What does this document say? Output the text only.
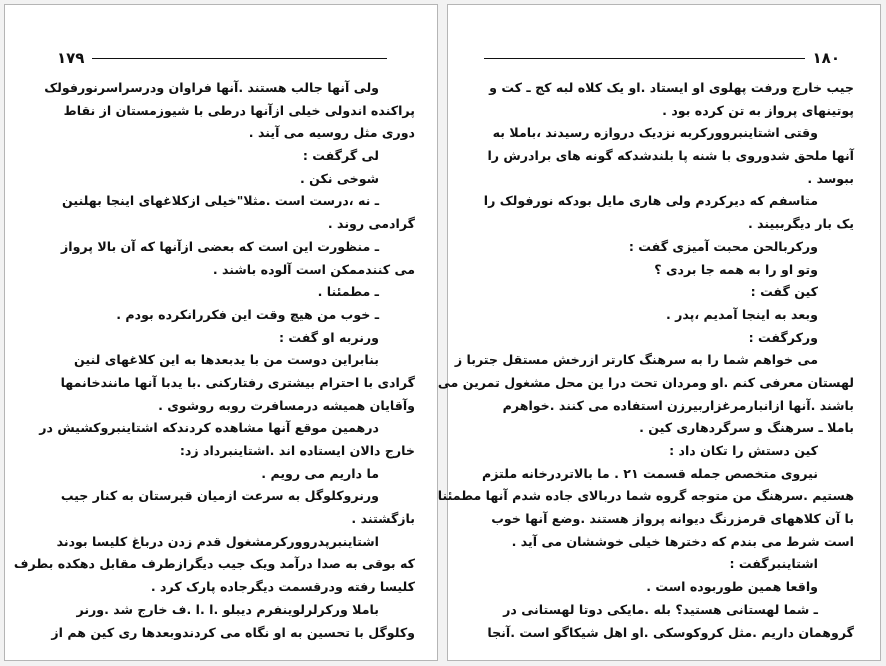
١٧٩
ولی آنها جالب هستند .آنها فراوان ودرسراسرنورفولک
پراکنده اندولی خیلی ازآنها درطی با شیوزمستان از نقاط
دوری مثل روسیه می آیند .
لی گرگفت :
شوخی نکن .
ـ نه ،درست است .مثلا"خیلی ازکلاغهای اینجا بهلنین
گرادمی روند .
ـ منظورت این است که بعضی ازآنها که آن بالا پرواز
می کنندممکن است آلوده باشند .
ـ مطمئنا .
ـ خوب من هیچ وقت این فکررانکرده بودم .
ورنربه او گفت :
بنابراین دوست من با یدبعدها به این کلاغهای لنین
گرادی با احترام بیشتری رفتارکنی .با یدبا آنها مانندخانمها
وآقایان همیشه درمسافرت روبه روشوی .
درهمین موقع آنها مشاهده کردندکه اشتاینبروکشیش در
خارج دالان ایستاده اند .اشتاینبرداد زد:
ما داریم می رویم .
ورنروکلوگل به سرعت ازمیان قبرستان به کنار جیب
بازگشتند .
اشتاینبرپدروورکرمشغول قدم زدن درباغ کلیسا بودند
که بوقی به صدا درآمد ویک جیب دیگرازطرف مقابل دهکده بطرف
کلیسا رفته ودرقسمت دیگرجاده پارک کرد .
باملا ورکرلرلوینفرم دیبلو .ا .ا .ف خارج شد .ورنر
وکلوگل با تحسین به او نگاه می کردندوبعدها ری کین هم از
١٨٠
جیب خارج ورفت پهلوی او ایستاد .او یک کلاه لبه کج ـ کت و
پوتینهای پرواز به تن کرده بود .
وقتی اشتاینبروورکربه نزدیک دروازه رسیدند ،باملا به
آنها ملحق شدوروی با شنه پا بلندشدکه گونه های برادرش را
ببوسد .
متاسفم که دیرکردم ولی هاری مایل بودکه نورفولک را
یک بار دیگرببیند .
ورکربالحن محبت آمیزی گفت :
وتو او را به همه جا بردی ؟
کین گفت :
وبعد به اینجا آمدیم ،پدر .
ورکرگفت :
می خواهم شما را به سرهنگ کارتر ازرخش مستقل جتربا ز
لهستان معرفی کنم .او ومردان تحت درا ین محل مشغول تمرین می
باشند .آنها ازانبارمرغزاربیرزن استفاده می کنند .خواهرم
باملا ـ سرهنگ و سرگردهاری کین .
کین دستش را تکان داد :
نیروی متخصص جمله قسمت ۲۱ . ما بالاتردرخانه ملتزم
هستیم .سرهنگ من متوجه گروه شما دربالای جاده شدم آنها مطمئنا
با آن کلاههای قرمزرنگ دیوانه پرواز هستند .وضع آنها خوب
است شرط می بندم که دخترها خیلی خوششان می آید .
اشتاینبرگفت :
واقعا همین طوربوده است .
ـ شما لهستانی هستید؟ بله .مایکی دوتا لهستانی در
گروهمان داریم .مثل کروکوسکی .او اهل شیکاگو است .آنجا
